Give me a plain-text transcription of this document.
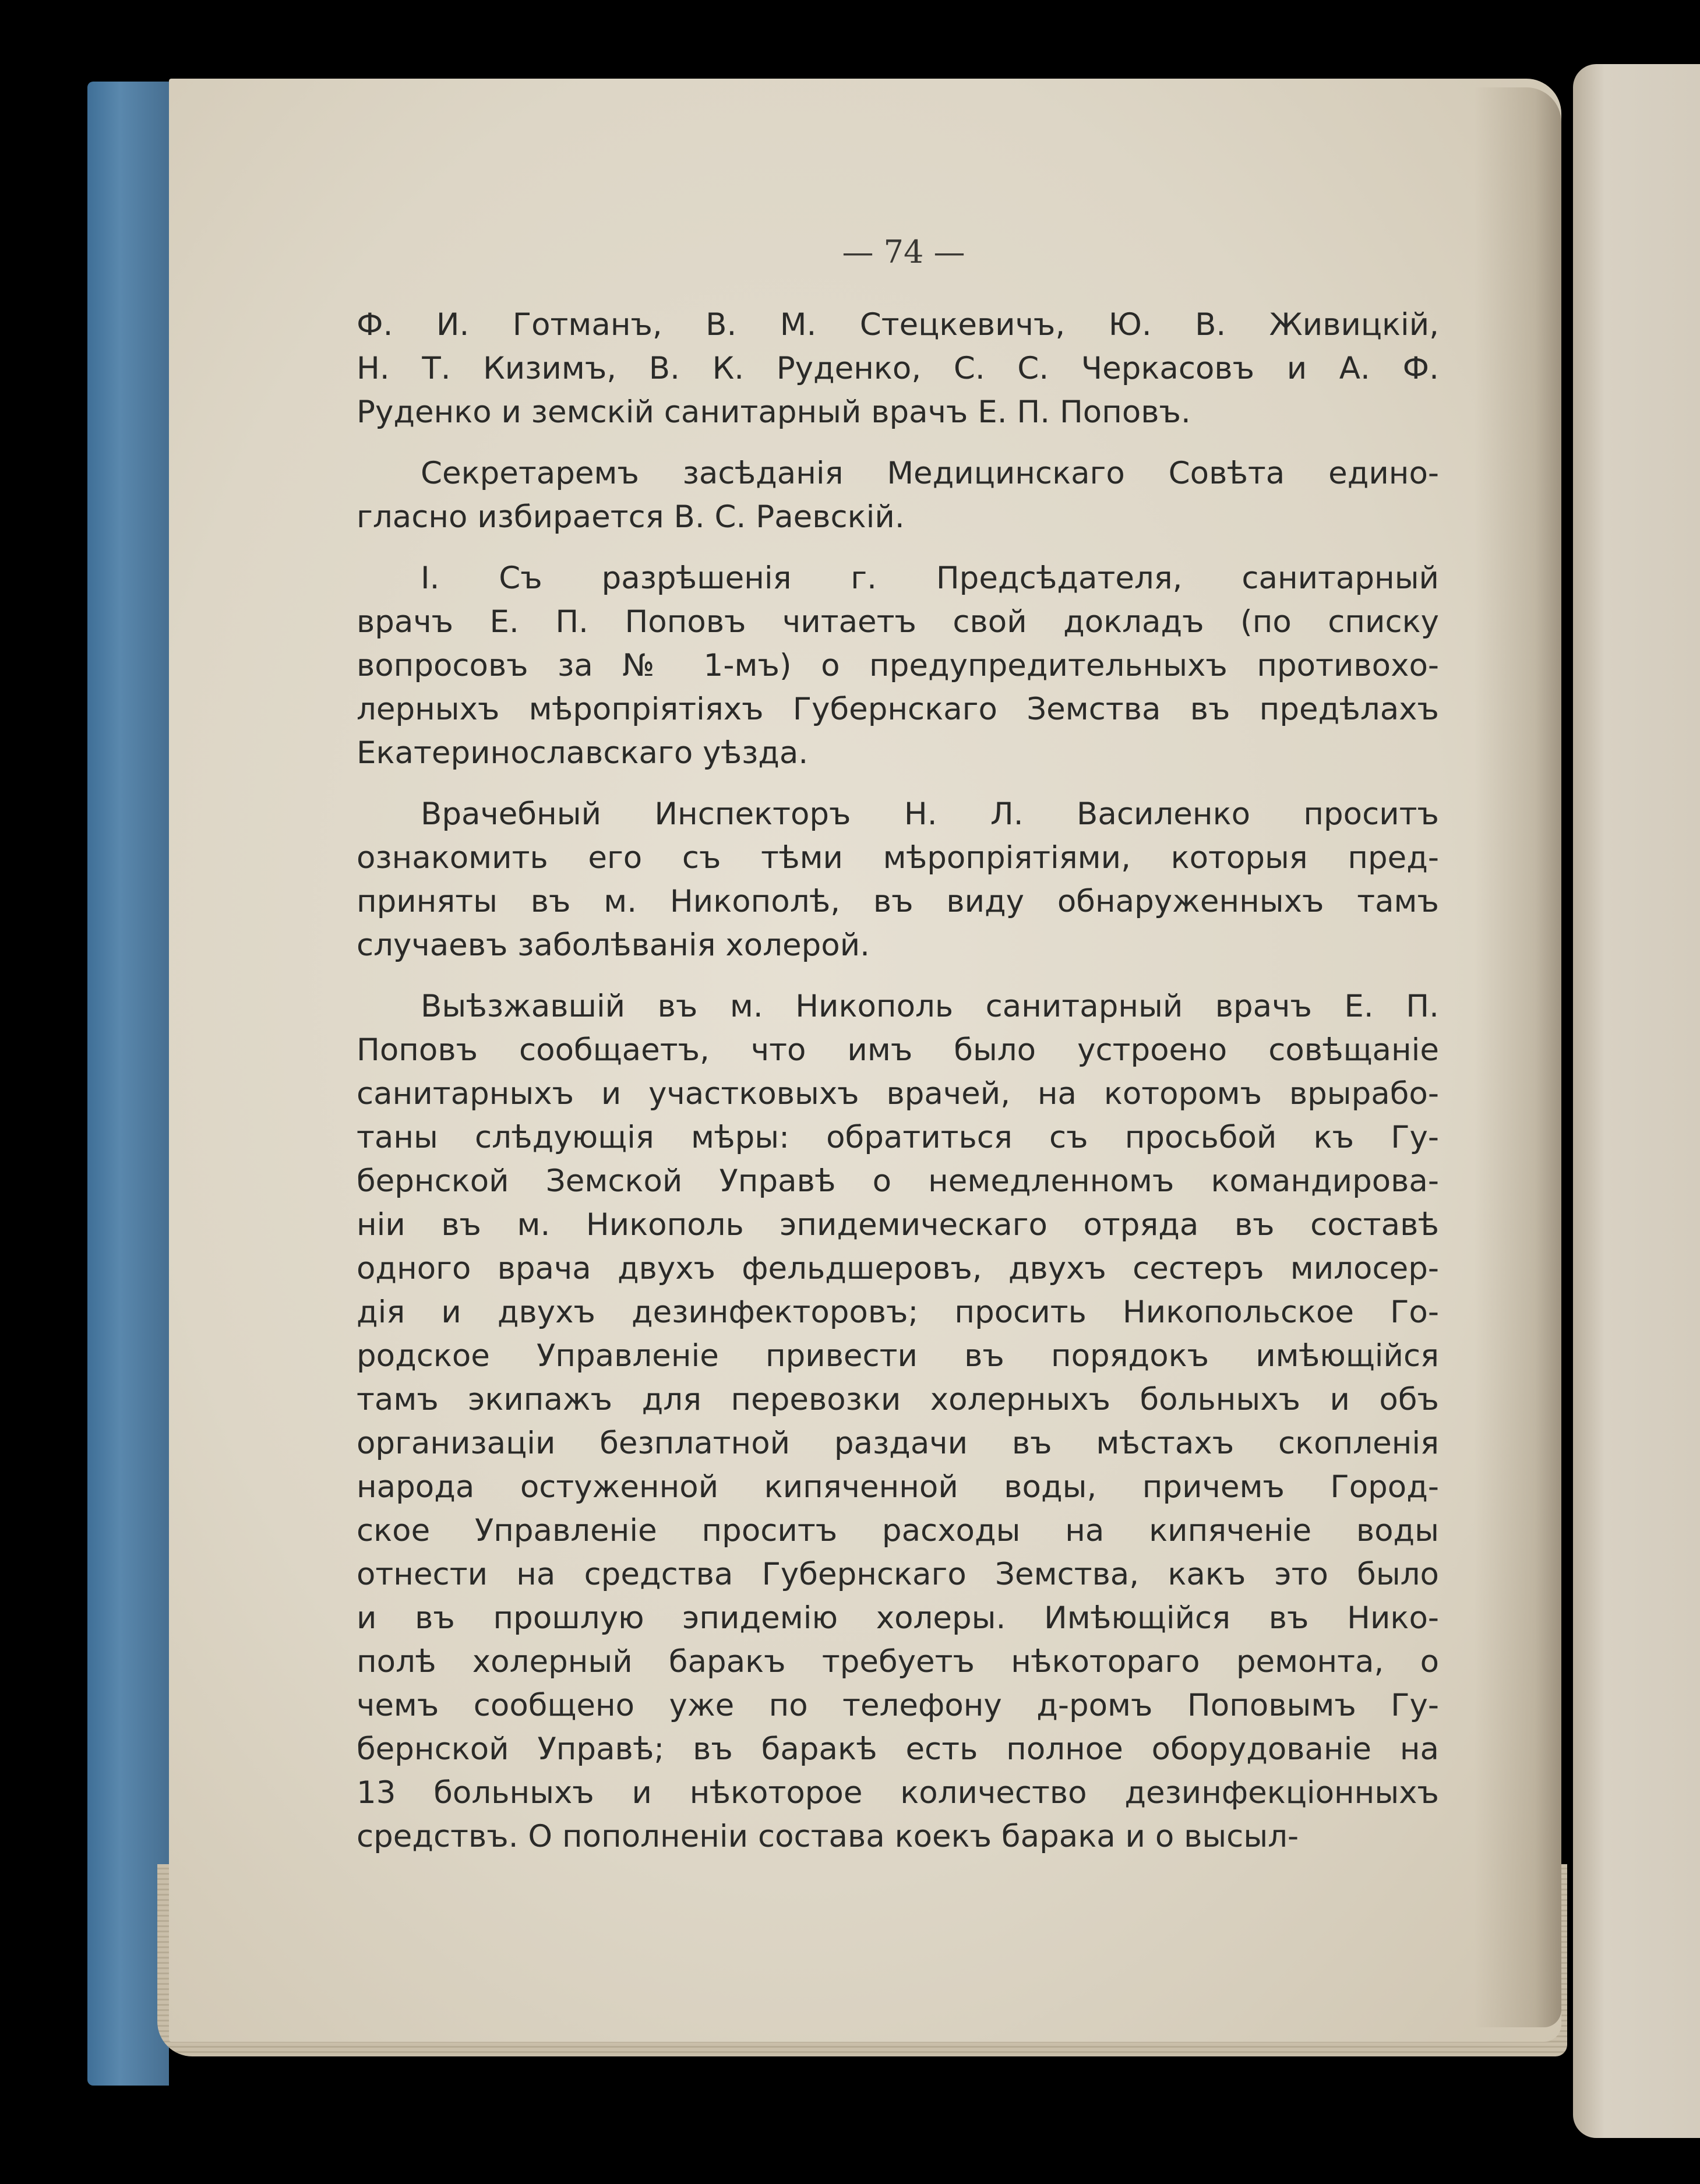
— 74 —
Ф. И. Готманъ, В. М. Стецкевичъ, Ю. В. Живицкій,
Н. Т. Кизимъ, В. К. Руденко, С. С. Черкасовъ и А. Ф.
Руденко и земскій санитарный врачъ Е. П. Поповъ.
Секретаремъ засѣданія Медицинскаго Совѣта едино-
гласно избирается В. С. Раевскій.
I. Съ разрѣшенія г. Предсѣдателя, санитарный
врачъ Е. П. Поповъ читаетъ свой докладъ (по списку
вопросовъ за № 1-мъ) о предупредительныхъ противохо-
лерныхъ мѣропріятіяхъ Губернскаго Земства въ предѣлахъ
Екатеринославскаго уѣзда.
Врачебный Инспекторъ Н. Л. Василенко проситъ
ознакомить его съ тѣми мѣропріятіями, которыя пред-
приняты въ м. Никополѣ, въ виду обнаруженныхъ тамъ
случаевъ заболѣванія холерой.
Выѣзжавшій въ м. Никополь санитарный врачъ Е. П.
Поповъ сообщаетъ, что имъ было устроено совѣщаніе
санитарныхъ и участковыхъ врачей, на которомъ врырабо-
таны слѣдующія мѣры: обратиться съ просьбой къ Гу-
бернской Земской Управѣ о немедленномъ командирова-
ніи въ м. Никополь эпидемическаго отряда въ составѣ
одного врача двухъ фельдшеровъ, двухъ сестеръ милосер-
дія и двухъ дезинфекторовъ; просить Никопольское Го-
родское Управленіе привести въ порядокъ имѣющійся
тамъ экипажъ для перевозки холерныхъ больныхъ и объ
организаціи безплатной раздачи въ мѣстахъ скопленія
народа остуженной кипяченной воды, причемъ Город-
ское Управленіе проситъ расходы на кипяченіе воды
отнести на средства Губернскаго Земства, какъ это было
и въ прошлую эпидемію холеры. Имѣющійся въ Нико-
полѣ холерный баракъ требуетъ нѣкотораго ремонта, о
чемъ сообщено уже по телефону д-ромъ Поповымъ Гу-
бернской Управѣ; въ баракѣ есть полное оборудованіе на
13 больныхъ и нѣкоторое количество дезинфекціонныхъ
средствъ. О пополненіи состава коекъ барака и о высыл-
